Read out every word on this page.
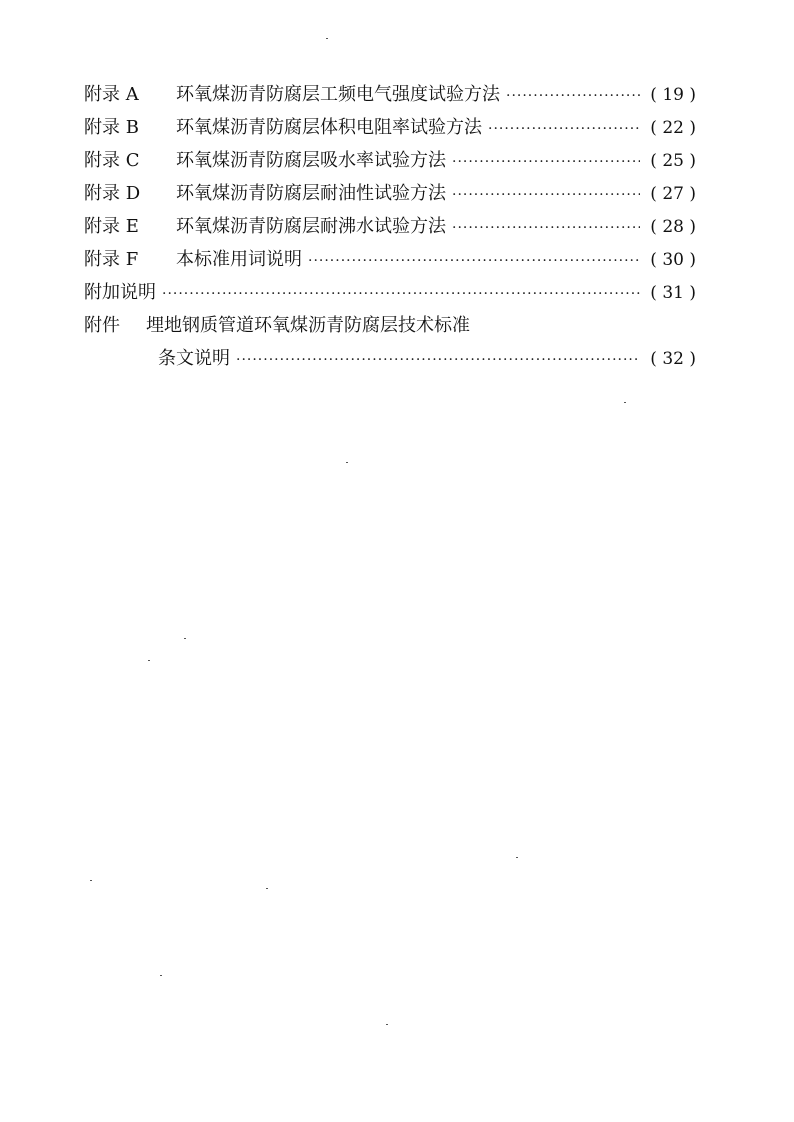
附录 A	环氧煤沥青防腐层工频电气强度试验方法 ·····	( 19 )
附录 B	环氧煤沥青防腐层体积电阻率试验方法 ·····	( 22 )
附录 C	环氧煤沥青防腐层吸水率试验方法 ·····	( 25 )
附录 D	环氧煤沥青防腐层耐油性试验方法 ·····	( 27 )
附录 E	环氧煤沥青防腐层耐沸水试验方法 ·····	( 28 )
附录 F	本标准用词说明 ·····	( 30 )
附加说明 ·····	( 31 )
附件	埋地钢质管道环氧煤沥青防腐层技术标准
条文说明 ·····	( 32 )
